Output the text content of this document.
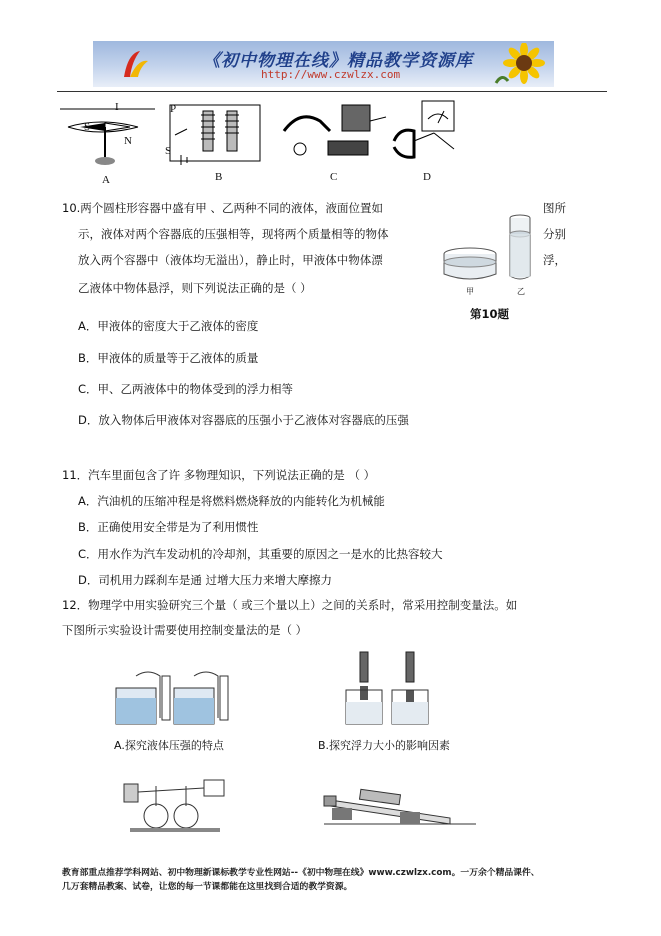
《初中物理在线》精品教学资源库
http://www.czwlzx.com
I
S
N
P
S
A	B	C	D
10.两个圆柱形容器中盛有甲 、乙两种不同的液体，液面位置如
示，液体对两个容器底的压强相等，现将两个质量相等的物体
放入两个容器中（液体均无溢出），静止时，甲液体中物体漂
乙液体中物体悬浮，则下列说法正确的是（ ）
图所
分别
浮，
甲	乙
第10题
A．甲液体的密度大于乙液体的密度
B．甲液体的质量等于乙液体的质量
C．甲、乙两液体中的物体受到的浮力相等
D．放入物体后甲液体对容器底的压强小于乙液体对容器底的压强
11．汽车里面包含了许 多物理知识，下列说法正确的是 （ ）
A．汽油机的压缩冲程是将燃料燃烧释放的内能转化为机械能
B．正确使用安全带是为了利用惯性
C．用水作为汽车发动机的冷却剂，其重要的原因之一是水的比热容较大
D．司机用力踩刹车是通 过增大压力来增大摩擦力
12．物理学中用实验研究三个量（ 或三个量以上）之间的关系时，常采用控制变量法。如
下图所示实验设计需要使用控制变量法的是（ ）
A.探究液体压强的特点	B.探究浮力大小的影响因素
教育部重点推荐学科网站、初中物理新课标教学专业性网站--《初中物理在线》www.czwlzx.com。一万余个精品课件、
几万套精品教案、试卷，让您的每一节课都能在这里找到合适的教学资源。
